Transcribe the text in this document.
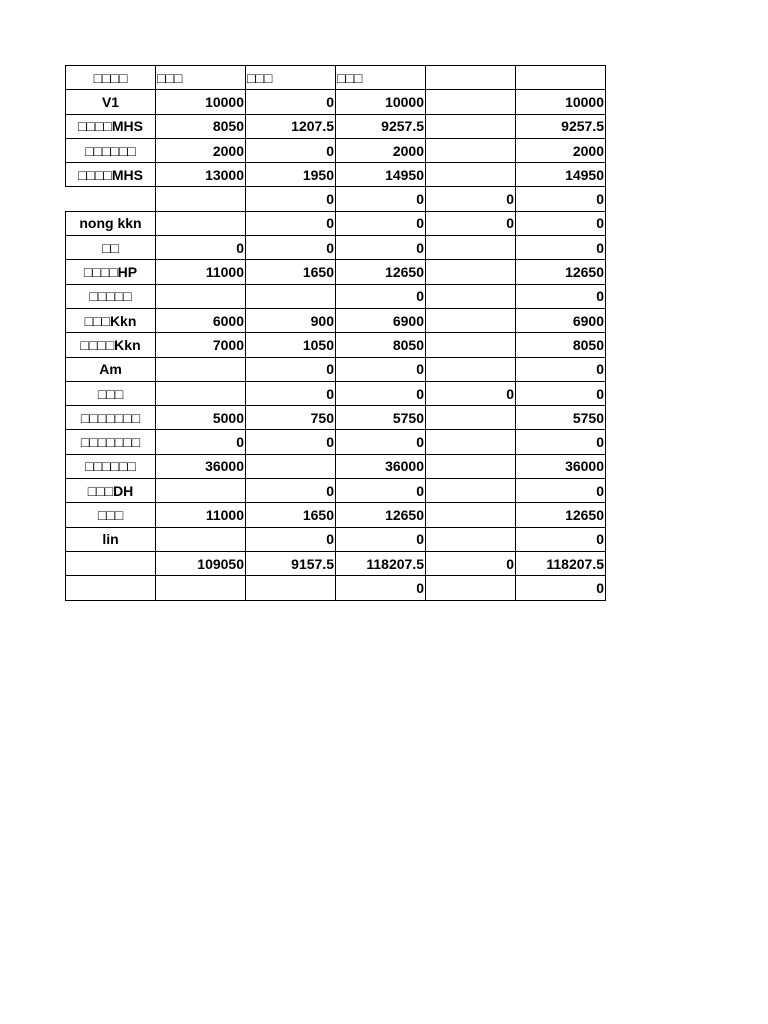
□□□□	□□□	□□□	□□□		
V1	10000	0	10000		10000
□□□□MHS	8050	1207.5	9257.5		9257.5
□□□□□□	2000	0	2000		2000
□□□□MHS	13000	1950	14950		14950
		0	0	0	0
nong kkn		0	0	0	0
□□	0	0	0		0
□□□□HP	11000	1650	12650		12650
□□□□□			0		0
□□□Kkn	6000	900	6900		6900
□□□□Kkn	7000	1050	8050		8050
Am		0	0		0
□□□		0	0	0	0
□□□□□□□	5000	750	5750		5750
□□□□□□□	0	0	0		0
□□□□□□	36000		36000		36000
□□□DH		0	0		0
□□□	11000	1650	12650		12650
lin		0	0		0
	109050	9157.5	118207.5	0	118207.5
			0		0
